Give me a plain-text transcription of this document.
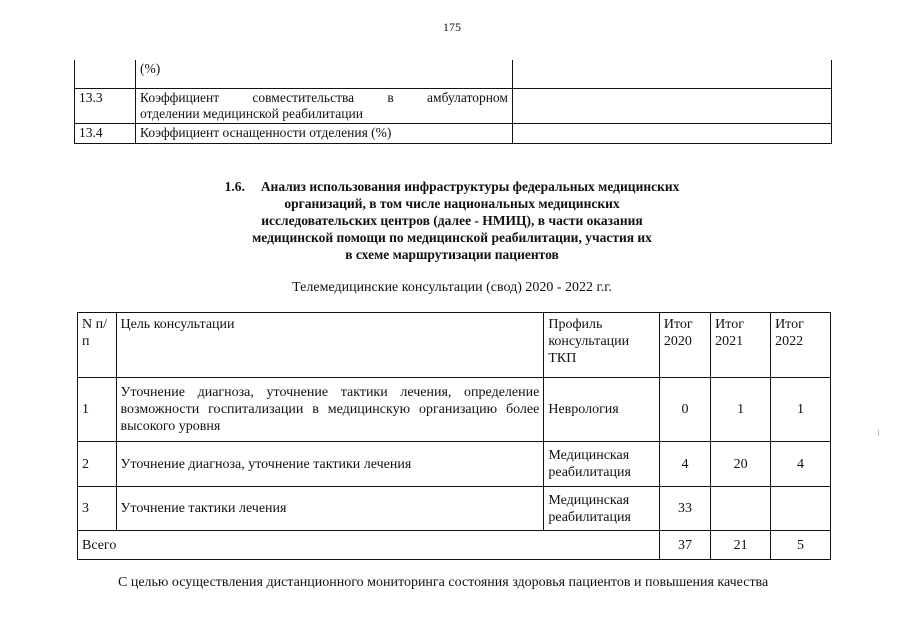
175
	(%)	
13.3	Коэффициент совместительства в амбулаторном
отделении медицинской реабилитации	

13.4	Коэффициент оснащенности отделения (%)	
1.6. Анализ использования инфраструктуры федеральных медицинских
организаций, в том числе национальных медицинских
исследовательских центров (далее - НМИЦ), в части оказания
медицинской помощи по медицинской реабилитации, участия их
в схеме маршрутизации пациентов
Телемедицинские консультации (свод) 2020 - 2022 г.г.
N п/п	Цель консультации	Профиль консультации ТКП	Итог 2020	Итог 2021	Итог 2022
1	Уточнение диагноза, уточнение тактики лечения, определение возможности госпитализации в медицинскую организацию более высокого уровня	Неврология	0	1	1
2	Уточнение диагноза, уточнение тактики лечения	Медицинская реабилитация	4	20	4
3	Уточнение тактики лечения	Медицинская реабилитация	33		
Всего			37	21	5
С целью осуществления дистанционного мониторинга состояния здоровья пациентов и повышения качества
